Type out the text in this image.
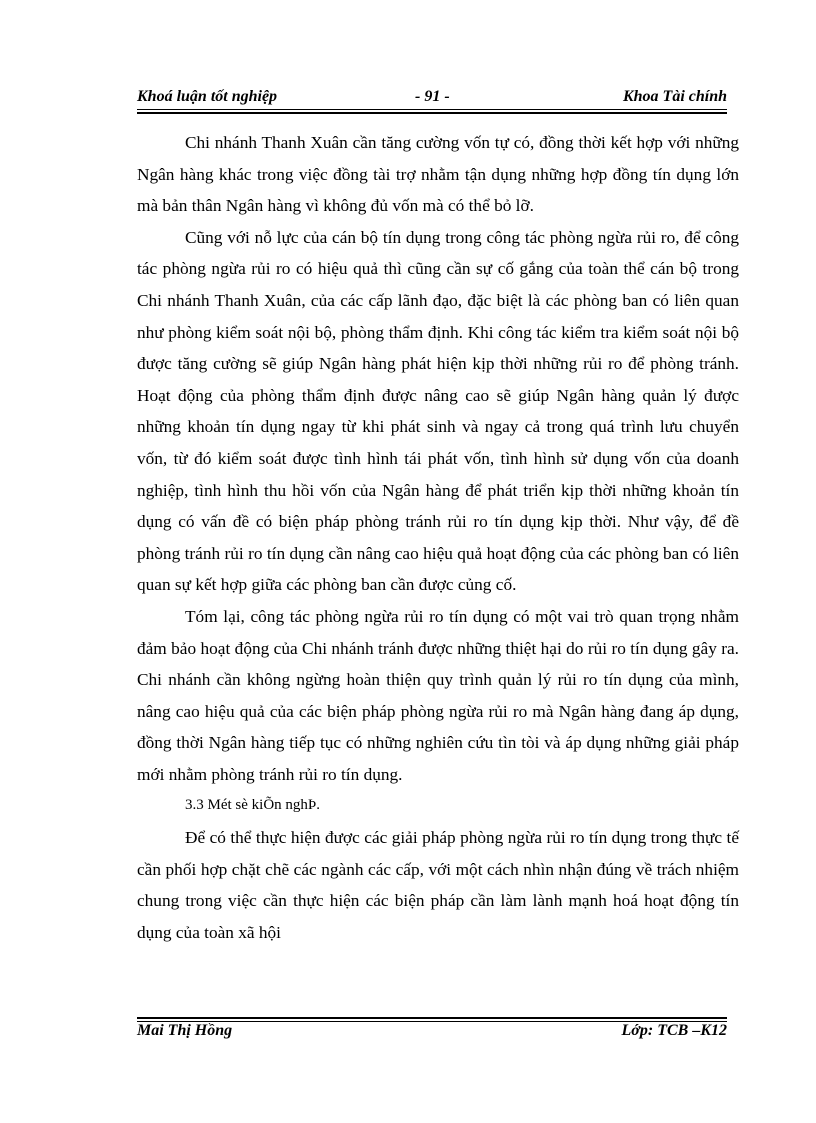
Khoá luận tốt nghiệp	- 91 -	Khoa Tài chính

Chi nhánh Thanh Xuân cần tăng cường vốn tự có, đồng thời kết hợp với những Ngân hàng khác trong việc đồng tài trợ nhằm tận dụng những hợp đồng tín dụng lớn mà bản thân Ngân hàng vì không đủ vốn mà có thể bỏ lỡ.

Cũng với nỗ lực của cán bộ tín dụng trong công tác phòng ngừa rủi ro, để công tác phòng ngừa rủi ro có hiệu quả thì cũng cần sự cố gắng của toàn thể cán bộ trong Chi nhánh Thanh Xuân, của các cấp lãnh đạo, đặc biệt là các phòng ban có liên quan như phòng kiểm soát nội bộ, phòng thẩm định. Khi công tác kiểm tra kiểm soát nội bộ được tăng cường sẽ giúp Ngân hàng phát hiện kịp thời những rủi ro để phòng tránh. Hoạt động của phòng thẩm định được nâng cao sẽ giúp Ngân hàng quản lý được những khoản tín dụng ngay từ khi phát sinh và ngay cả trong quá trình lưu chuyển vốn, từ đó kiểm soát được tình hình tái phát vốn, tình hình sử dụng vốn của doanh nghiệp, tình hình thu hồi vốn của Ngân hàng để phát triển kịp thời những khoản tín dụng có vấn đề có biện pháp phòng tránh rủi ro tín dụng kịp thời. Như vậy, để đề phòng tránh rủi ro tín dụng cần nâng cao hiệu quả hoạt động của các phòng ban có liên quan sự kết hợp giữa các phòng ban cần được củng cố.

Tóm lại, công tác phòng ngừa rủi ro tín dụng có một vai trò quan trọng nhằm đảm bảo hoạt động của Chi nhánh tránh được những thiệt hại do rủi ro tín dụng gây ra. Chi nhánh cần không ngừng hoàn thiện quy trình quản lý rủi ro tín dụng của mình, nâng cao hiệu quả của các biện pháp phòng ngừa rủi ro mà Ngân hàng đang áp dụng, đồng thời Ngân hàng tiếp tục có những nghiên cứu tìn tòi và áp dụng những giải pháp mới nhằm phòng tránh rủi ro tín dụng.

3.3 Mét sè kiÕn nghÞ.

Để có thể thực hiện được các giải pháp phòng ngừa rủi ro tín dụng trong thực tế cần phối hợp chặt chẽ các ngành các cấp, với một cách nhìn nhận đúng về trách nhiệm chung trong việc cần thực hiện các biện pháp cần làm lành mạnh hoá hoạt động tín dụng của toàn xã hội

Mai Thị Hồng	Lớp: TCB –K12
